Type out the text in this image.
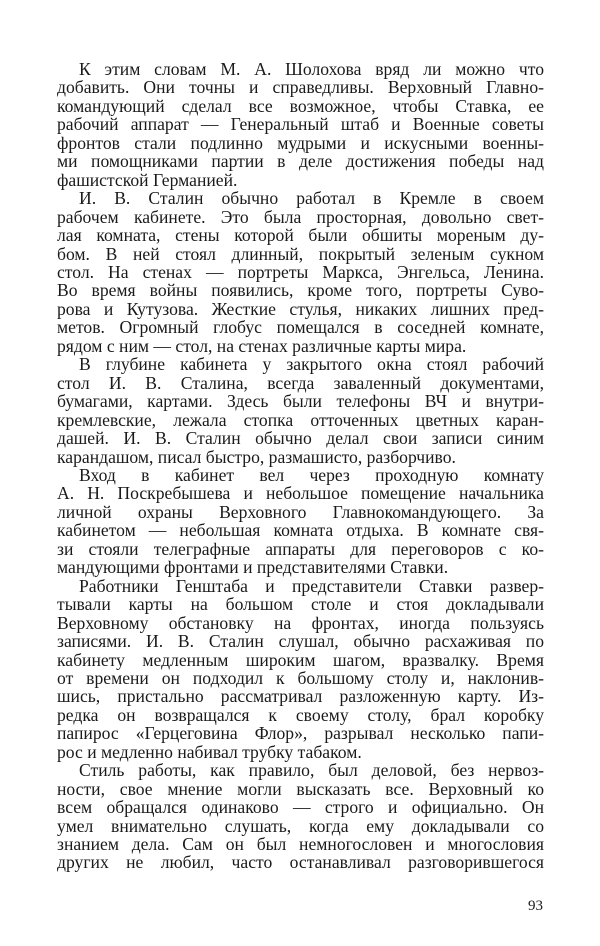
К этим словам М. А. Шолохова вряд ли можно что
добавить. Они точны и справедливы. Верховный Главно-
командующий сделал все возможное, чтобы Ставка, ее
рабочий аппарат — Генеральный штаб и Военные советы
фронтов стали подлинно мудрыми и искусными военны-
ми помощниками партии в деле достижения победы над
фашистской Германией.
И. В. Сталин обычно работал в Кремле в своем
рабочем кабинете. Это была просторная, довольно свет-
лая комната, стены которой были обшиты мореным ду-
бом. В ней стоял длинный, покрытый зеленым сукном
стол. На стенах — портреты Маркса, Энгельса, Ленина.
Во время войны появились, кроме того, портреты Суво-
рова и Кутузова. Жесткие стулья, никаких лишних пред-
метов. Огромный глобус помещался в соседней комнате,
рядом с ним — стол, на стенах различные карты мира.
В глубине кабинета у закрытого окна стоял рабочий
стол И. В. Сталина, всегда заваленный документами,
бумагами, картами. Здесь были телефоны ВЧ и внутри-
кремлевские, лежала стопка отточенных цветных каран-
дашей. И. В. Сталин обычно делал свои записи синим
карандашом, писал быстро, размашисто, разборчиво.
Вход в кабинет вел через проходную комнату
А. Н. Поскребышева и небольшое помещение начальника
личной охраны Верховного Главнокомандующего. За
кабинетом — небольшая комната отдыха. В комнате свя-
зи стояли телеграфные аппараты для переговоров с ко-
мандующими фронтами и представителями Ставки.
Работники Генштаба и представители Ставки развер-
тывали карты на большом столе и стоя докладывали
Верховному обстановку на фронтах, иногда пользуясь
записями. И. В. Сталин слушал, обычно расхаживая по
кабинету медленным широким шагом, вразвалку. Время
от времени он подходил к большому столу и, наклонив-
шись, пристально рассматривал разложенную карту. Из-
редка он возвращался к своему столу, брал коробку
папирос «Герцеговина Флор», разрывал несколько папи-
рос и медленно набивал трубку табаком.
Стиль работы, как правило, был деловой, без нервоз-
ности, свое мнение могли высказать все. Верховный ко
всем обращался одинаково — строго и официально. Он
умел внимательно слушать, когда ему докладывали со
знанием дела. Сам он был немногословен и многословия
других не любил, часто останавливал разговорившегося
93
